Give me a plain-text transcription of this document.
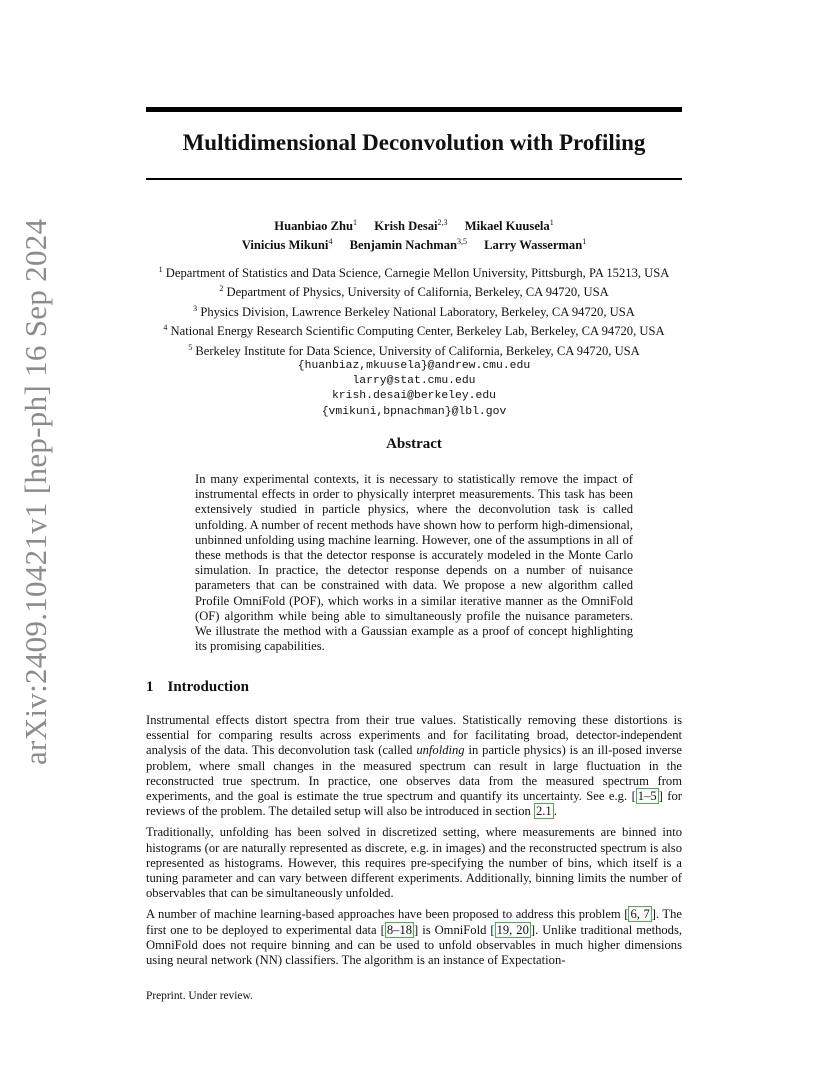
arXiv:2409.10421v1 [hep-ph] 16 Sep 2024
Multidimensional Deconvolution with Profiling
Huanbiao Zhu$^1$ Krish Desai$^{2,3}$ Mikael Kuusela$^1$
Vinicius Mikuni$^4$ Benjamin Nachman$^{3,5}$ Larry Wasserman$^1$
$^1$ Department of Statistics and Data Science, Carnegie Mellon University, Pittsburgh, PA 15213, USA
$^2$ Department of Physics, University of California, Berkeley, CA 94720, USA
$^3$ Physics Division, Lawrence Berkeley National Laboratory, Berkeley, CA 94720, USA
$^4$ National Energy Research Scientific Computing Center, Berkeley Lab, Berkeley, CA 94720, USA
$^5$ Berkeley Institute for Data Science, University of California, Berkeley, CA 94720, USA
{huanbiaz,mkuusela}@andrew.cmu.edu
larry@stat.cmu.edu
krish.desai@berkeley.edu
{vmikuni,bpnachman}@lbl.gov
Abstract
In many experimental contexts, it is necessary to statistically remove the impact of instrumental effects in order to physically interpret measurements. This task has been extensively studied in particle physics, where the deconvolution task is called unfolding. A number of recent methods have shown how to perform high-dimensional, unbinned unfolding using machine learning. However, one of the assumptions in all of these methods is that the detector response is accurately modeled in the Monte Carlo simulation. In practice, the detector response depends on a number of nuisance parameters that can be constrained with data. We propose a new algorithm called Profile OmniFold (POF), which works in a similar iterative manner as the OmniFold (OF) algorithm while being able to simultaneously profile the nuisance parameters. We illustrate the method with a Gaussian example as a proof of concept highlighting its promising capabilities.
1 Introduction

Instrumental effects distort spectra from their true values. Statistically removing these distortions is essential for comparing results across experiments and for facilitating broad, detector-independent analysis of the data. This deconvolution task (called unfolding in particle physics) is an ill-posed inverse problem, where small changes in the measured spectrum can result in large fluctuation in the reconstructed true spectrum. In practice, one observes data from the measured spectrum from experiments, and the goal is estimate the true spectrum and quantify its uncertainty. See e.g. [ 1–5 ] for reviews of the problem. The detailed setup will also be introduced in section 2.1 .

Traditionally, unfolding has been solved in discretized setting, where measurements are binned into histograms (or are naturally represented as discrete, e.g. in images) and the reconstructed spectrum is also represented as histograms. However, this requires pre-specifying the number of bins, which itself is a tuning parameter and can vary between different experiments. Additionally, binning limits the number of observables that can be simultaneously unfolded.

A number of machine learning-based approaches have been proposed to address this problem [ 6, 7 ]. The first one to be deployed to experimental data [ 8–18 ] is OmniFold [ 19, 20 ]. Unlike traditional methods, OmniFold does not require binning and can be used to unfold observables in much higher dimensions using neural network (NN) classifiers. The algorithm is an instance of Expectation-

Preprint. Under review.
